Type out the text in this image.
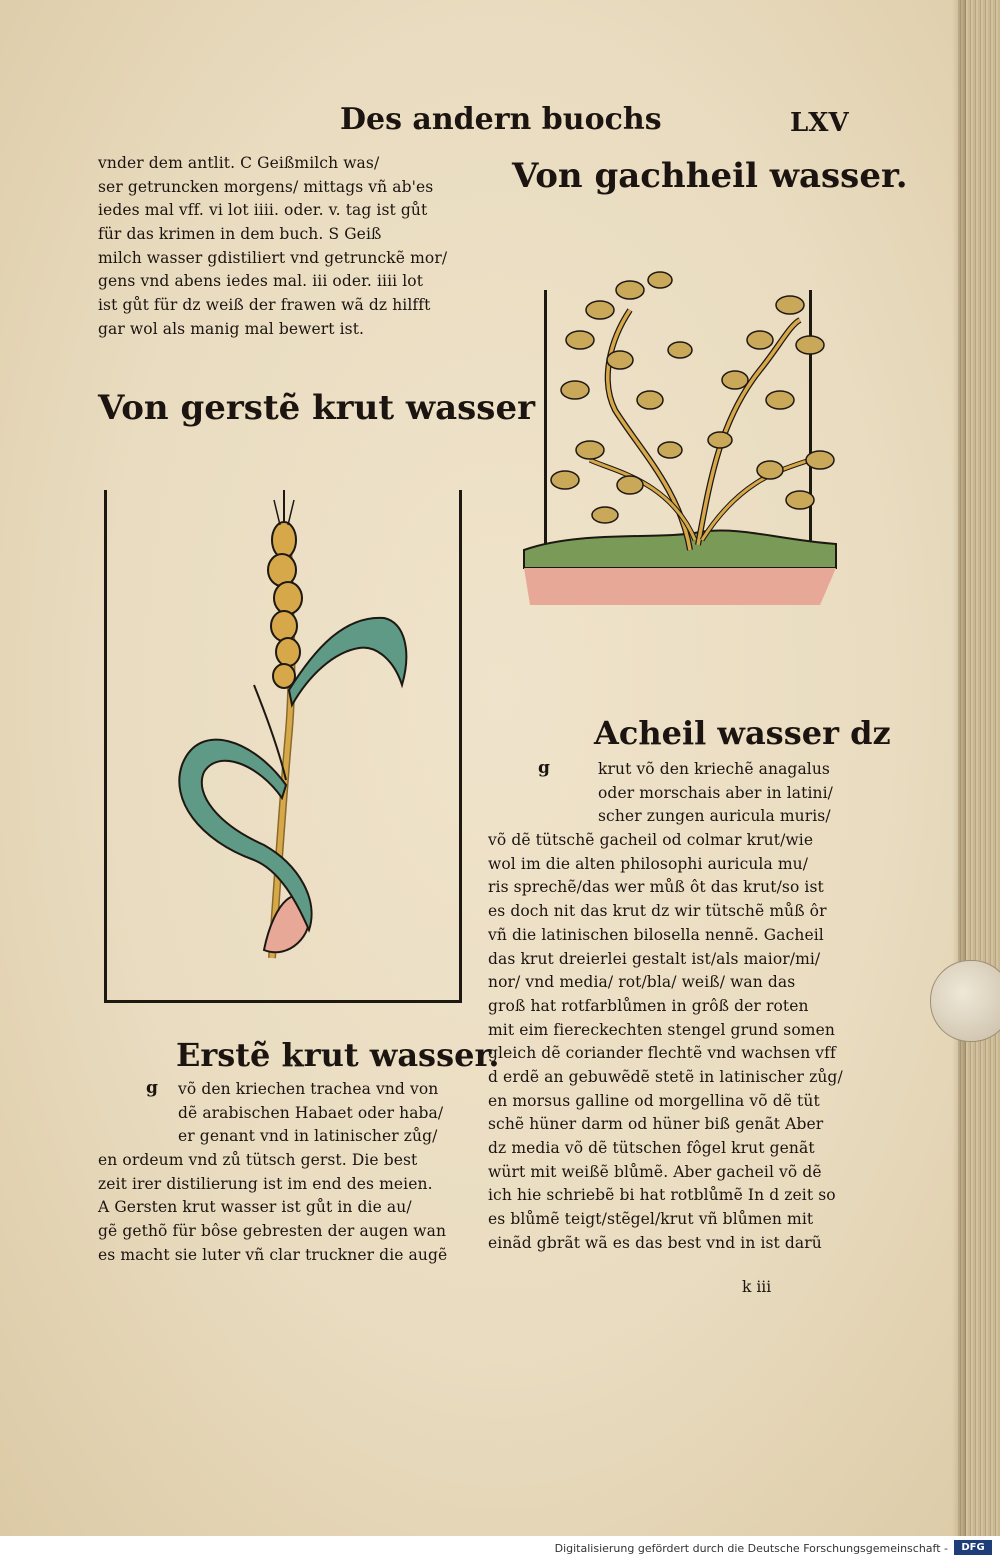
Des andern buochs	LXV
vnder dem antlit. C Geißmilch was/
ser getruncken morgens/ mittags vñ ab'es
iedes mal vff. vi lot iiii. oder. v. tag ist gůt
für das krimen in dem buch. S Geiß
milch wasser gdistiliert vnd getrunckẽ mor/
gens vnd abens iedes mal. iii oder. iiii lot
ist gůt für dz weiß der frawen wã dz hilfft
gar wol als manig mal bewert ist.
Von gachheil wasser.
Von gerstẽ krut wasser
Acheil wasser dz
g	krut võ den kriechẽ anagalus
oder morschais aber in latini/
scher zungen auricula muris/
võ dẽ tütschẽ gacheil od colmar krut/wie
wol im die alten philosophi auricula mu/
ris sprechẽ/das wer můß ôt das krut/so ist
es doch nit das krut dz wir tütschẽ můß ôr
vñ die latinischen bilosella nennẽ. Gacheil
das krut dreierlei gestalt ist/als maior/mi/
nor/ vnd media/ rot/bla/ weiß/ wan das
groß hat rotfarblůmen in grôß der roten
mit eim fiereckechten stengel grund somen
gleich dẽ coriander flechtẽ vnd wachsen vff
d erdẽ an gebuwẽdẽ stetẽ in latinischer zůg/
en morsus galline od morgellina võ dẽ tüt
schẽ hüner darm od hüner biß genãt Aber
dz media võ dẽ tütschen fôgel krut genãt
würt mit weißẽ blůmẽ. Aber gacheil võ dẽ
ich hie schriebẽ bi hat rotblůmẽ In d zeit so
es blůmẽ teigt/stẽgel/krut vñ blůmen mit
einãd gbrãt wã es das best vnd in ist darũ
k iii
Erstẽ krut wasser.
g	võ den kriechen trachea vnd von
dẽ arabischen Habaet oder haba/
er genant vnd in latinischer zůg/
en ordeum vnd zů tütsch gerst. Die best
zeit irer distilierung ist im end des meien.
A Gersten krut wasser ist gůt in die au/
gẽ gethõ für bôse gebresten der augen wan
es macht sie luter vñ clar truckner die augẽ
Digitalisierung gefördert durch die Deutsche Forschungsgemeinschaft -	DFG
